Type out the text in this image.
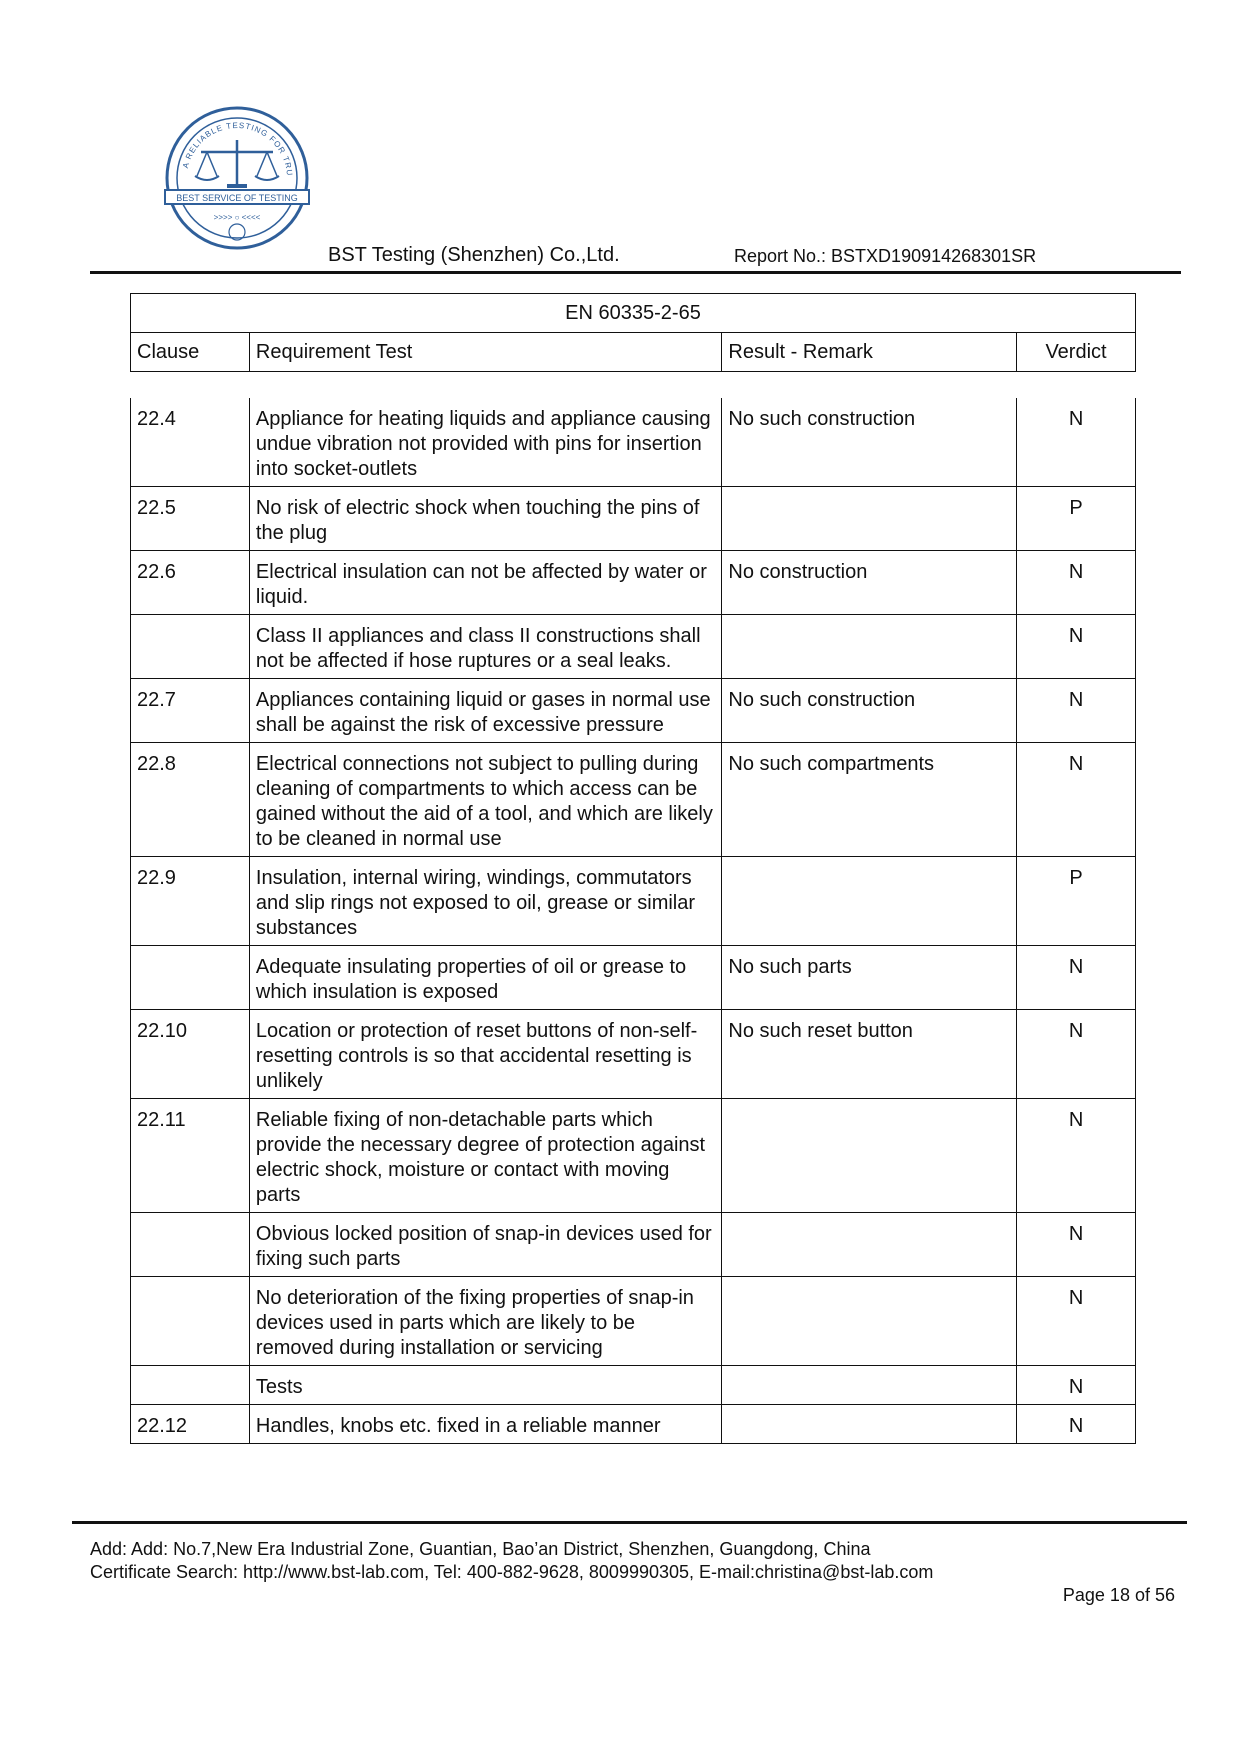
A RELIABLE TESTING FOR TRU
BEST SERVICE OF TESTING
>>>> ○ <<<<
BST Testing (Shenzhen) Co.,Ltd.	Report No.: BSTXD190914268301SR
EN 60335-2-65
Clause	Requirement Test	Result - Remark	Verdict
22.4	Appliance for heating liquids and appliance causing undue vibration not provided with pins for insertion into socket-outlets	No such construction	N
22.5	No risk of electric shock when touching the pins of the plug		P
22.6	Electrical insulation can not be affected by water or liquid.	No construction	N
	Class II appliances and class II constructions shall not be affected if hose ruptures or a seal leaks.		N
22.7	Appliances containing liquid or gases in normal use shall be against the risk of excessive pressure	No such construction	N
22.8	Electrical connections not subject to pulling during cleaning of compartments to which access can be gained without the aid of a tool, and which are likely to be cleaned in normal use	No such compartments	N
22.9	Insulation, internal wiring, windings, commutators and slip rings not exposed to oil, grease or similar substances		P
	Adequate insulating properties of oil or grease to which insulation is exposed	No such parts	N
22.10	Location or protection of reset buttons of non-self-resetting controls is so that accidental resetting is unlikely	No such reset button	N
22.11	Reliable fixing of non-detachable parts which provide the necessary degree of protection against electric shock, moisture or contact with moving parts		N
	Obvious locked position of snap-in devices used for fixing such parts		N
	No deterioration of the fixing properties of snap-in devices used in parts which are likely to be removed during installation or servicing		N
	Tests		N
22.12	Handles, knobs etc. fixed in a reliable manner		N
Add: Add: No.7,New Era Industrial Zone, Guantian, Bao’an District, Shenzhen, Guangdong, China
Certificate Search: http://www.bst-lab.com, Tel: 400-882-9628, 8009990305, E-mail:christina@bst-lab.com
Page 18 of 56
